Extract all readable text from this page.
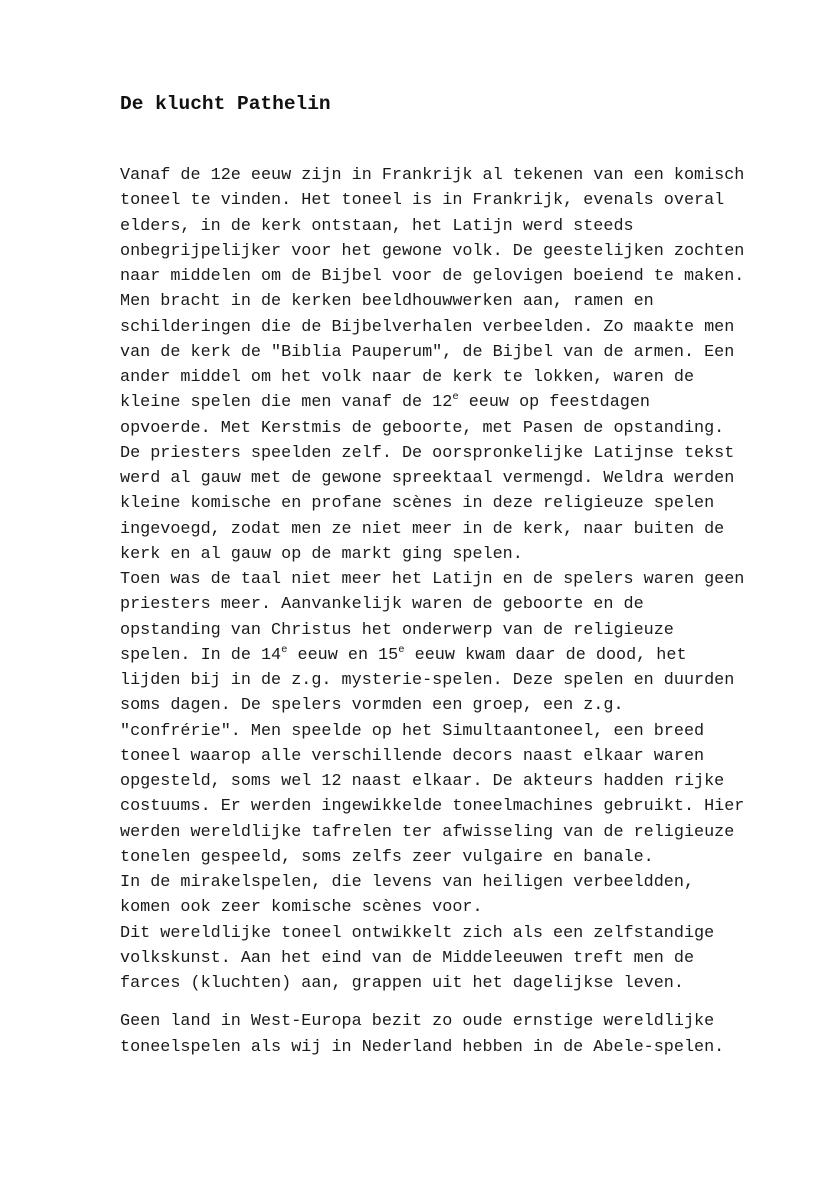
De klucht Pathelin
Vanaf de 12e eeuw zijn in Frankrijk al tekenen van een komisch
toneel te vinden. Het toneel is in Frankrijk, evenals overal
elders, in de kerk ontstaan, het Latijn werd steeds
onbegrijpelijker voor het gewone volk. De geestelijken zochten
naar middelen om de Bijbel voor de gelovigen boeiend te maken.
Men bracht in de kerken beeldhouwwerken aan, ramen en
schilderingen die de Bijbelverhalen verbeelden. Zo maakte men
van de kerk de "Biblia Pauperum", de Bijbel van de armen. Een
ander middel om het volk naar de kerk te lokken, waren de
kleine spelen die men vanaf de 12e eeuw op feestdagen
opvoerde. Met Kerstmis de geboorte, met Pasen de opstanding.
De priesters speelden zelf. De oorspronkelijke Latijnse tekst
werd al gauw met de gewone spreektaal vermengd. Weldra werden
kleine komische en profane scènes in deze religieuze spelen
ingevoegd, zodat men ze niet meer in de kerk, naar buiten de
kerk en al gauw op de markt ging spelen.
Toen was de taal niet meer het Latijn en de spelers waren geen
priesters meer. Aanvankelijk waren de geboorte en de
opstanding van Christus het onderwerp van de religieuze
spelen. In de 14e eeuw en 15e eeuw kwam daar de dood, het
lijden bij in de z.g. mysterie-spelen. Deze spelen en duurden
soms dagen. De spelers vormden een groep, een z.g.
"confrérie". Men speelde op het Simultaantoneel, een breed
toneel waarop alle verschillende decors naast elkaar waren
opgesteld, soms wel 12 naast elkaar. De akteurs hadden rijke
costuums. Er werden ingewikkelde toneelmachines gebruikt. Hier
werden wereldlijke tafrelen ter afwisseling van de religieuze
tonelen gespeeld, soms zelfs zeer vulgaire en banale.
In de mirakelspelen, die levens van heiligen verbeeldden,
komen ook zeer komische scènes voor.
Dit wereldlijke toneel ontwikkelt zich als een zelfstandige
volkskunst. Aan het eind van de Middeleeuwen treft men de
farces (kluchten) aan, grappen uit het dagelijkse leven.
Geen land in West-Europa bezit zo oude ernstige wereldlijke
toneelspelen als wij in Nederland hebben in de Abele-spelen.
